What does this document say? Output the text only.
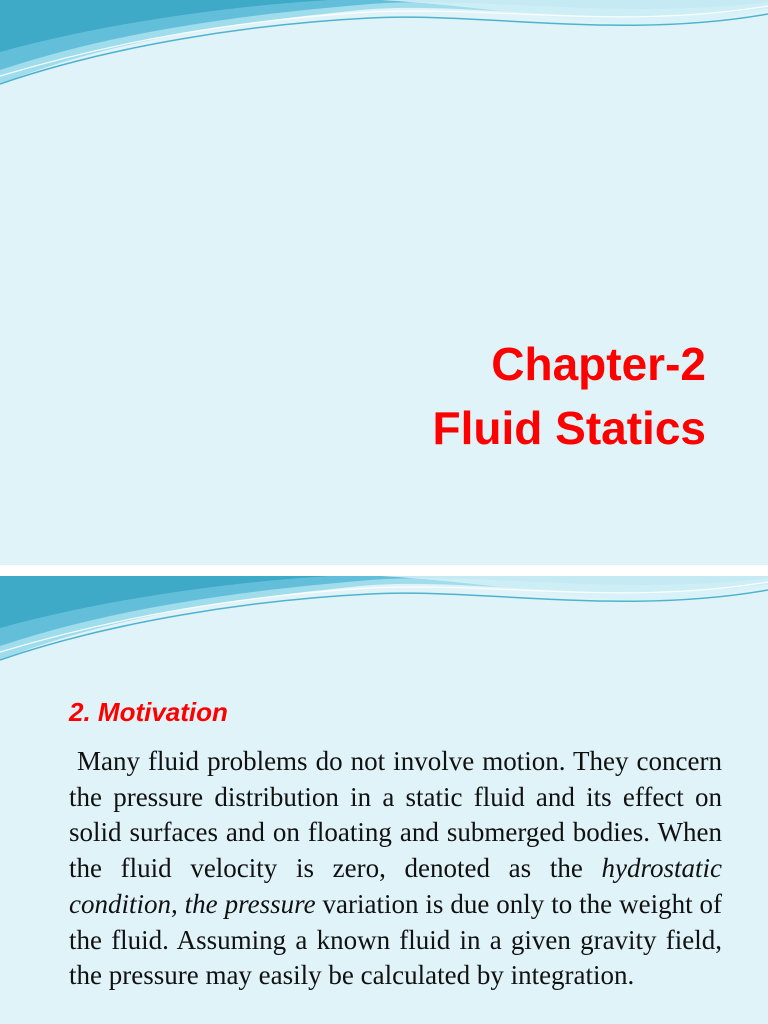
Chapter-2
Fluid Statics
2. Motivation
Many fluid problems do not involve motion. They concern the pressure distribution in a static fluid and its effect on solid surfaces and on floating and submerged bodies. When the fluid velocity is zero, denoted as the hydrostatic condition, the pressure variation is due only to the weight of the fluid. Assuming a known fluid in a given gravity field, the pressure may easily be calculated by integration.
